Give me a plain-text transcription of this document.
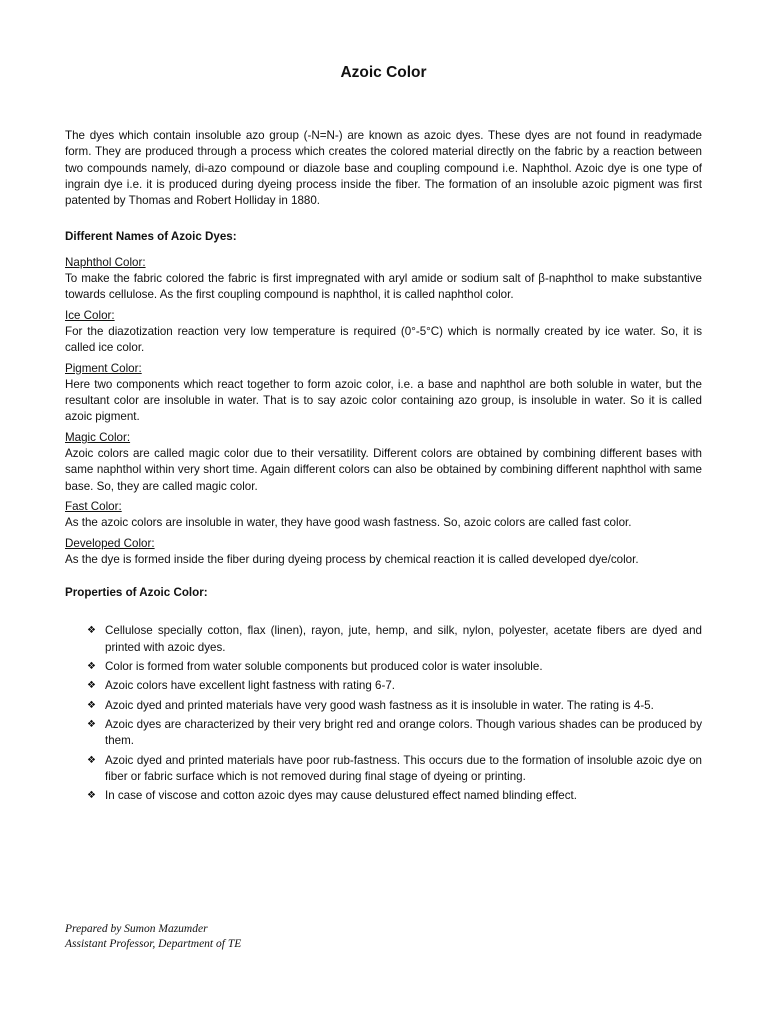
Azoic Color

The dyes which contain insoluble azo group (-N=N-) are known as azoic dyes. These dyes are not found in readymade form. They are produced through a process which creates the colored material directly on the fabric by a reaction between two compounds namely, di-azo compound or diazole base and coupling compound i.e. Naphthol. Azoic dye is one type of ingrain dye i.e. it is produced during dyeing process inside the fiber. The formation of an insoluble azoic pigment was first patented by Thomas and Robert Holliday in 1880.

Different Names of Azoic Dyes:

Naphthol Color:

To make the fabric colored the fabric is first impregnated with aryl amide or sodium salt of β-naphthol to make substantive towards cellulose. As the first coupling compound is naphthol, it is called naphthol color.

Ice Color:

For the diazotization reaction very low temperature is required (0°-5°C) which is normally created by ice water. So, it is called ice color.

Pigment Color:

Here two components which react together to form azoic color, i.e. a base and naphthol are both soluble in water, but the resultant color are insoluble in water. That is to say azoic color containing azo group, is insoluble in water. So it is called azoic pigment.

Magic Color:

Azoic colors are called magic color due to their versatility. Different colors are obtained by combining different bases with same naphthol within very short time. Again different colors can also be obtained by combining different naphthol with same base. So, they are called magic color.

Fast Color:

As the azoic colors are insoluble in water, they have good wash fastness. So, azoic colors are called fast color.

Developed Color:

As the dye is formed inside the fiber during dyeing process by chemical reaction it is called developed dye/color.

Properties of Azoic Color:

❖ Cellulose specially cotton, flax (linen), rayon, jute, hemp, and silk, nylon, polyester, acetate fibers are dyed and printed with azoic dyes.
❖ Color is formed from water soluble components but produced color is water insoluble.
❖ Azoic colors have excellent light fastness with rating 6-7.
❖ Azoic dyed and printed materials have very good wash fastness as it is insoluble in water. The rating is 4-5.
❖ Azoic dyes are characterized by their very bright red and orange colors. Though various shades can be produced by them.
❖ Azoic dyed and printed materials have poor rub-fastness. This occurs due to the formation of insoluble azoic dye on fiber or fabric surface which is not removed during final stage of dyeing or printing.
❖ In case of viscose and cotton azoic dyes may cause delustured effect named blinding effect.
Prepared by Sumon Mazumder
Assistant Professor, Department of TE
